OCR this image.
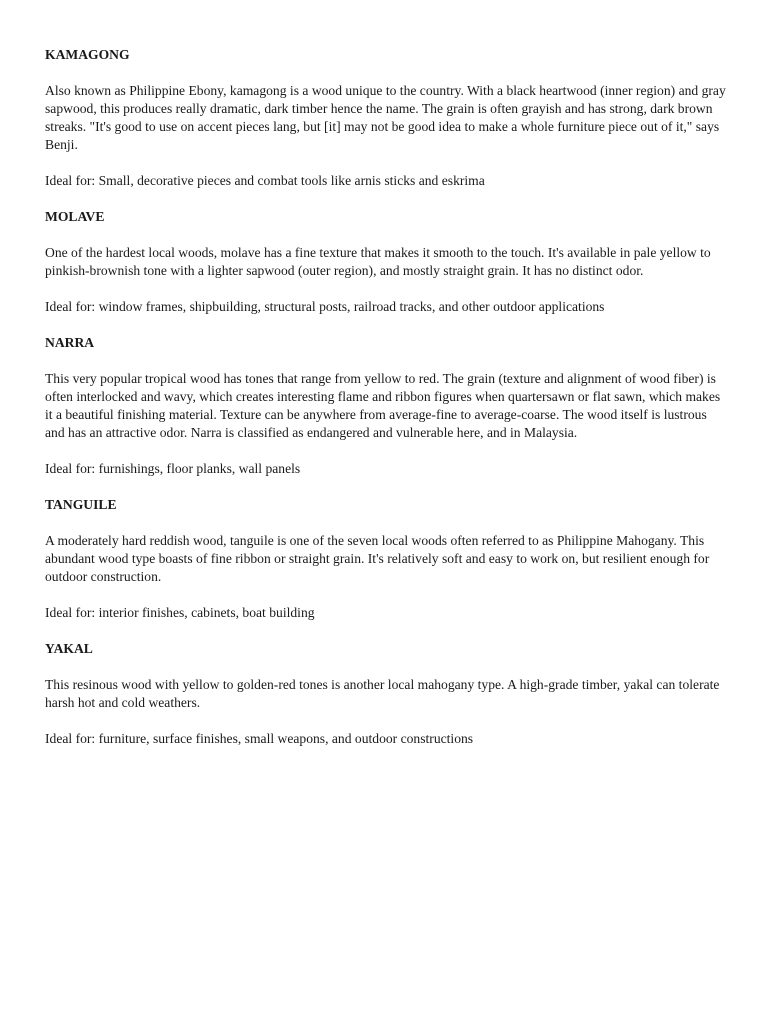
KAMAGONG
Also known as Philippine Ebony, kamagong is a wood unique to the country. With a black heartwood (inner region) and gray sapwood, this produces really dramatic, dark timber hence the name. The grain is often grayish and has strong, dark brown streaks. "It's good to use on accent pieces lang, but [it] may not be good idea to make a whole furniture piece out of it," says Benji.
Ideal for: Small, decorative pieces and combat tools like arnis sticks and eskrima
MOLAVE
One of the hardest local woods, molave has a fine texture that makes it smooth to the touch. It's available in pale yellow to pinkish-brownish tone with a lighter sapwood (outer region), and mostly straight grain. It has no distinct odor.
Ideal for: window frames, shipbuilding, structural posts, railroad tracks, and other outdoor applications
NARRA
This very popular tropical wood has tones that range from yellow to red. The grain (texture and alignment of wood fiber) is often interlocked and wavy, which creates interesting flame and ribbon figures when quartersawn or flat sawn, which makes it a beautiful finishing material. Texture can be anywhere from average-fine to average-coarse. The wood itself is lustrous and has an attractive odor. Narra is classified as endangered and vulnerable here, and in Malaysia.
Ideal for: furnishings, floor planks, wall panels
TANGUILE
A moderately hard reddish wood, tanguile is one of the seven local woods often referred to as Philippine Mahogany. This abundant wood type boasts of fine ribbon or straight grain. It's relatively soft and easy to work on, but resilient enough for outdoor construction.
Ideal for: interior finishes, cabinets, boat building
YAKAL
This resinous wood with yellow to golden-red tones is another local mahogany type. A high-grade timber, yakal can tolerate harsh hot and cold weathers.
Ideal for: furniture, surface finishes, small weapons, and outdoor constructions
